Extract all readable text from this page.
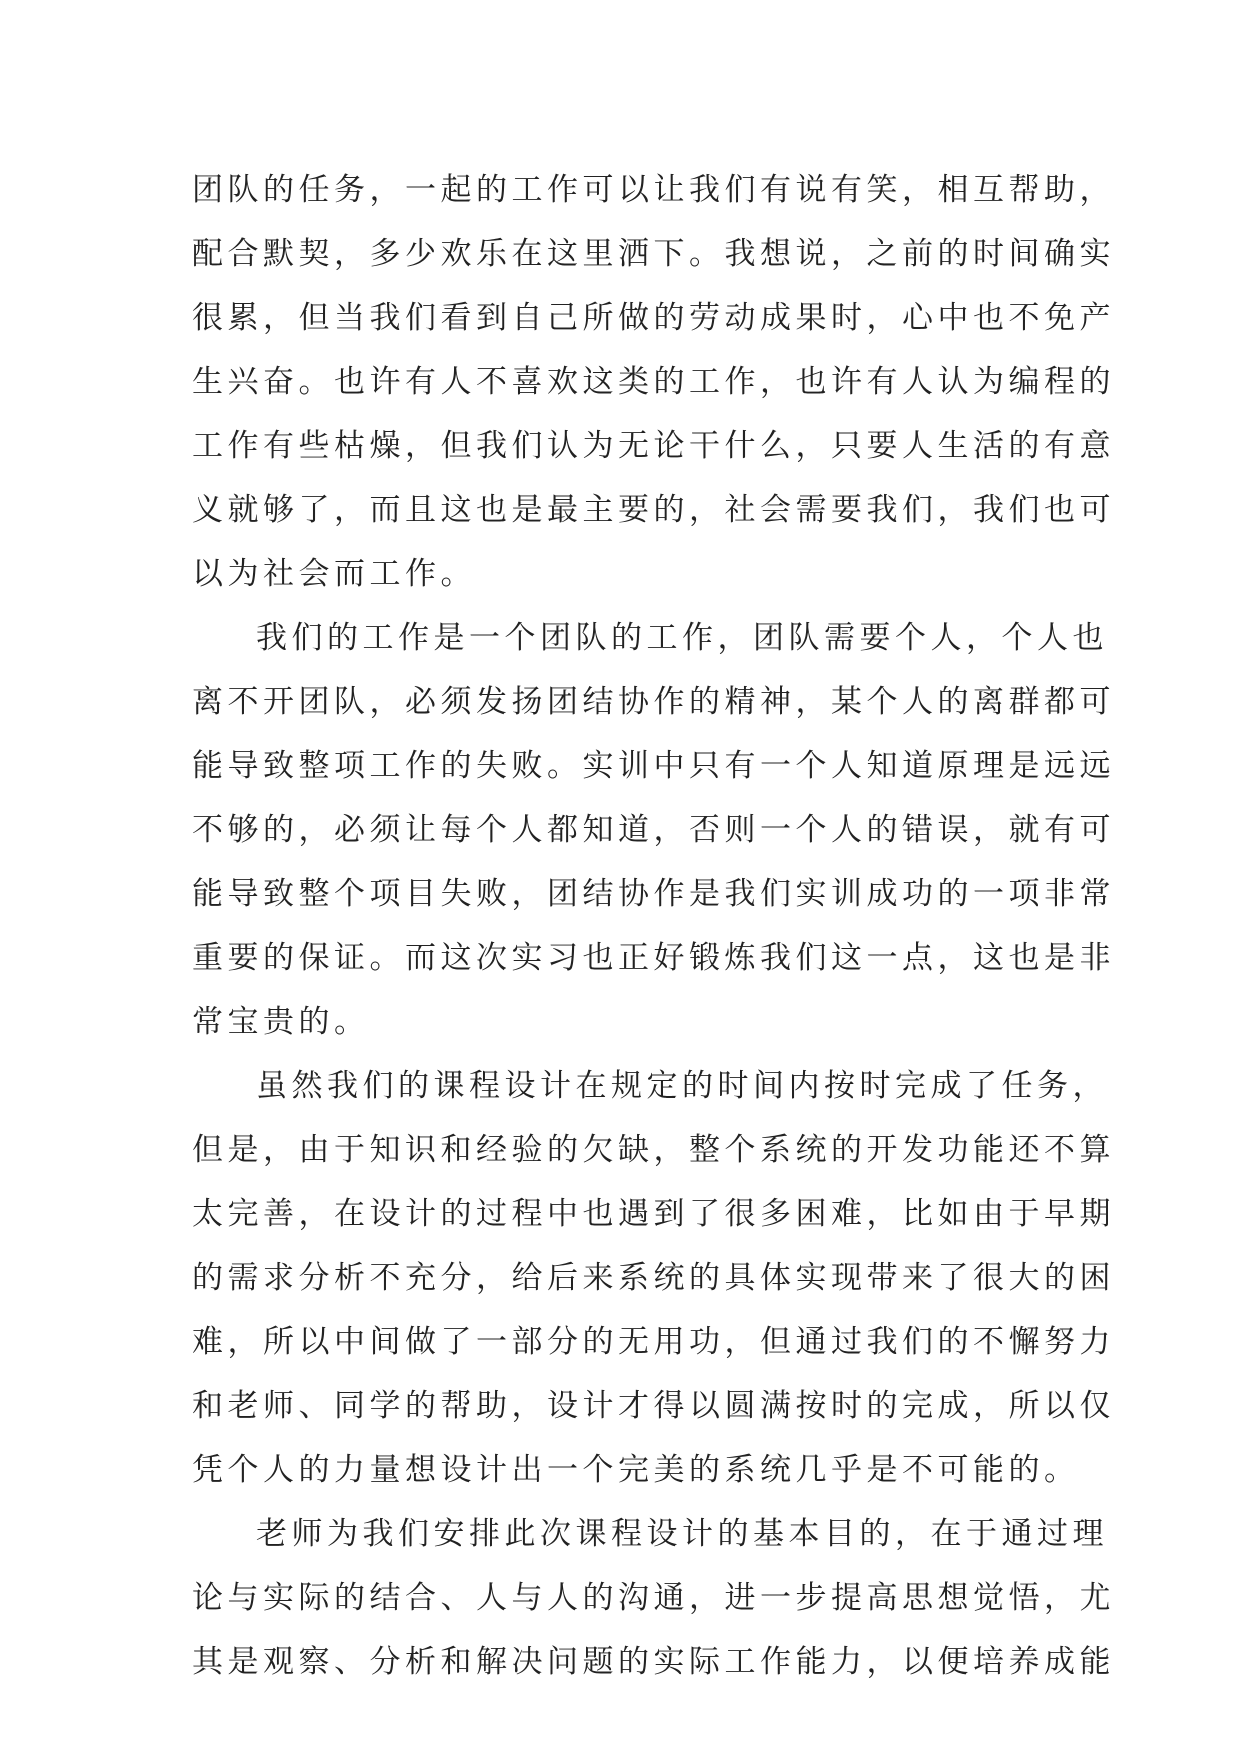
团队的任务，一起的工作可以让我们有说有笑，相互帮助，
配合默契，多少欢乐在这里洒下。我想说，之前的时间确实
很累，但当我们看到自己所做的劳动成果时，心中也不免产
生兴奋。也许有人不喜欢这类的工作，也许有人认为编程的
工作有些枯燥，但我们认为无论干什么，只要人生活的有意
义就够了，而且这也是最主要的，社会需要我们，我们也可
以为社会而工作。
我们的工作是一个团队的工作，团队需要个人，个人也
离不开团队，必须发扬团结协作的精神，某个人的离群都可
能导致整项工作的失败。实训中只有一个人知道原理是远远
不够的，必须让每个人都知道，否则一个人的错误，就有可
能导致整个项目失败，团结协作是我们实训成功的一项非常
重要的保证。而这次实习也正好锻炼我们这一点，这也是非
常宝贵的。
虽然我们的课程设计在规定的时间内按时完成了任务，
但是，由于知识和经验的欠缺，整个系统的开发功能还不算
太完善，在设计的过程中也遇到了很多困难，比如由于早期
的需求分析不充分，给后来系统的具体实现带来了很大的困
难，所以中间做了一部分的无用功，但通过我们的不懈努力
和老师、同学的帮助，设计才得以圆满按时的完成，所以仅
凭个人的力量想设计出一个完美的系统几乎是不可能的。
老师为我们安排此次课程设计的基本目的，在于通过理
论与实际的结合、人与人的沟通，进一步提高思想觉悟，尤
其是观察、分析和解决问题的实际工作能力，以便培养成能
